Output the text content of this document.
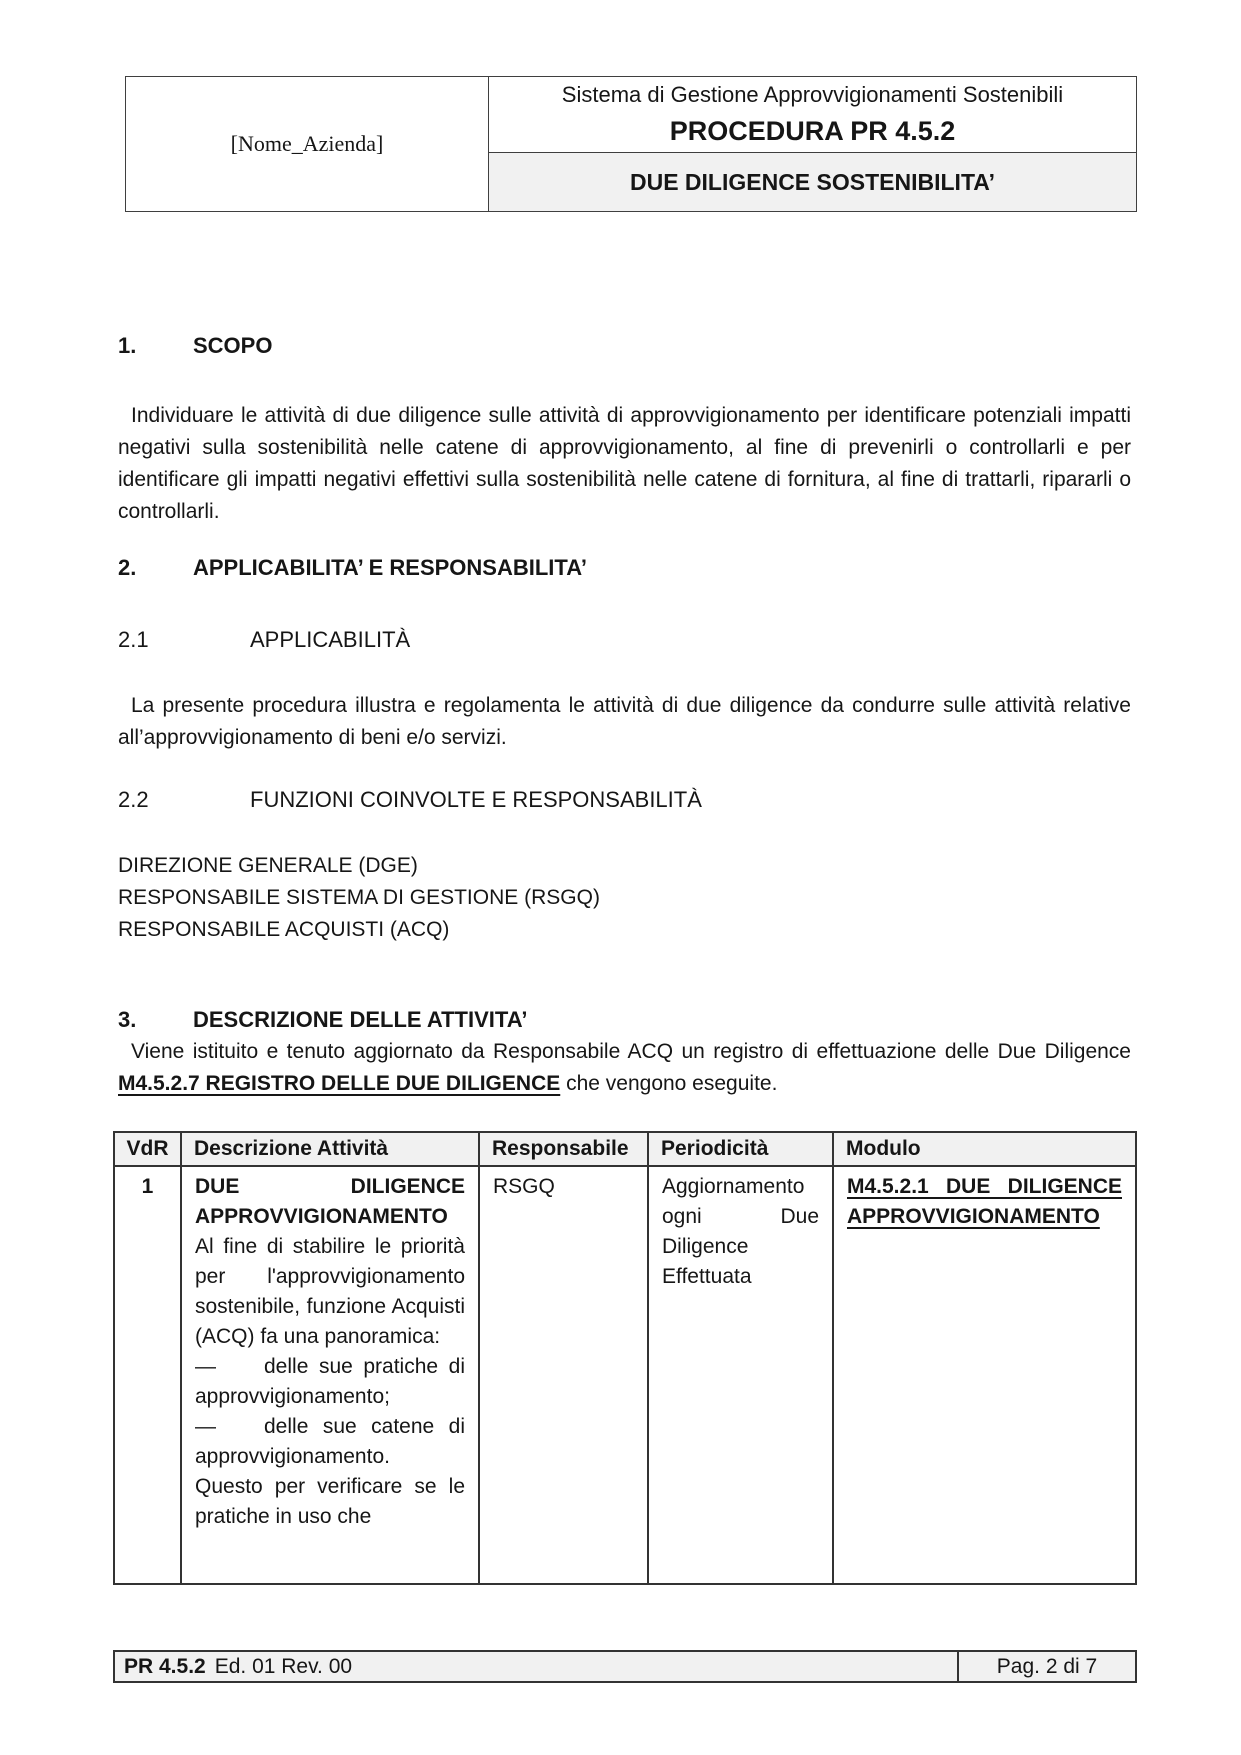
[Nome_Azienda]
Sistema di Gestione Approvvigionamenti Sostenibili
PROCEDURA PR 4.5.2
DUE DILIGENCE SOSTENIBILITA’
1.	SCOPO
Individuare le attività di due diligence sulle attività di approvvigionamento per identificare potenziali impatti negativi sulla sostenibilità nelle catene di approvvigionamento, al fine di prevenirli o controllarli e per identificare gli impatti negativi effettivi sulla sostenibilità nelle catene di fornitura, al fine di trattarli, ripararli o controllarli.
2.	APPLICABILITA’ E RESPONSABILITA’
2.1	APPLICABILITÀ
La presente procedura illustra e regolamenta le attività di due diligence da condurre sulle attività relative all’approvvigionamento di beni e/o servizi.
2.2	FUNZIONI COINVOLTE E RESPONSABILITÀ
DIREZIONE GENERALE (DGE)
RESPONSABILE SISTEMA DI GESTIONE (RSGQ)
RESPONSABILE ACQUISTI (ACQ)
3.	DESCRIZIONE DELLE ATTIVITA’
Viene istituito e tenuto aggiornato da Responsabile ACQ un registro di effettuazione delle Due Diligence M4.5.2.7 REGISTRO DELLE DUE DILIGENCE che vengono eseguite.
VdR	Descrizione Attività	Responsabile	Periodicità	Modulo
1	DUE DILIGENCE APPROVVIGIONAMENTO
Al fine di stabilire le priorità per l'approvvigionamento sostenibile, funzione Acquisti (ACQ) fa una panoramica:
— delle sue pratiche di approvvigionamento;
— delle sue catene di approvvigionamento.
Questo per verificare se le pratiche in uso che	RSGQ	Aggiornamento ogni Due Diligence Effettuata	M4.5.2.1 DUE DILIGENCE APPROVVIGIONAMENTO
PR 4.5.2 Ed. 01 Rev. 00	Pag. 2 di 7
